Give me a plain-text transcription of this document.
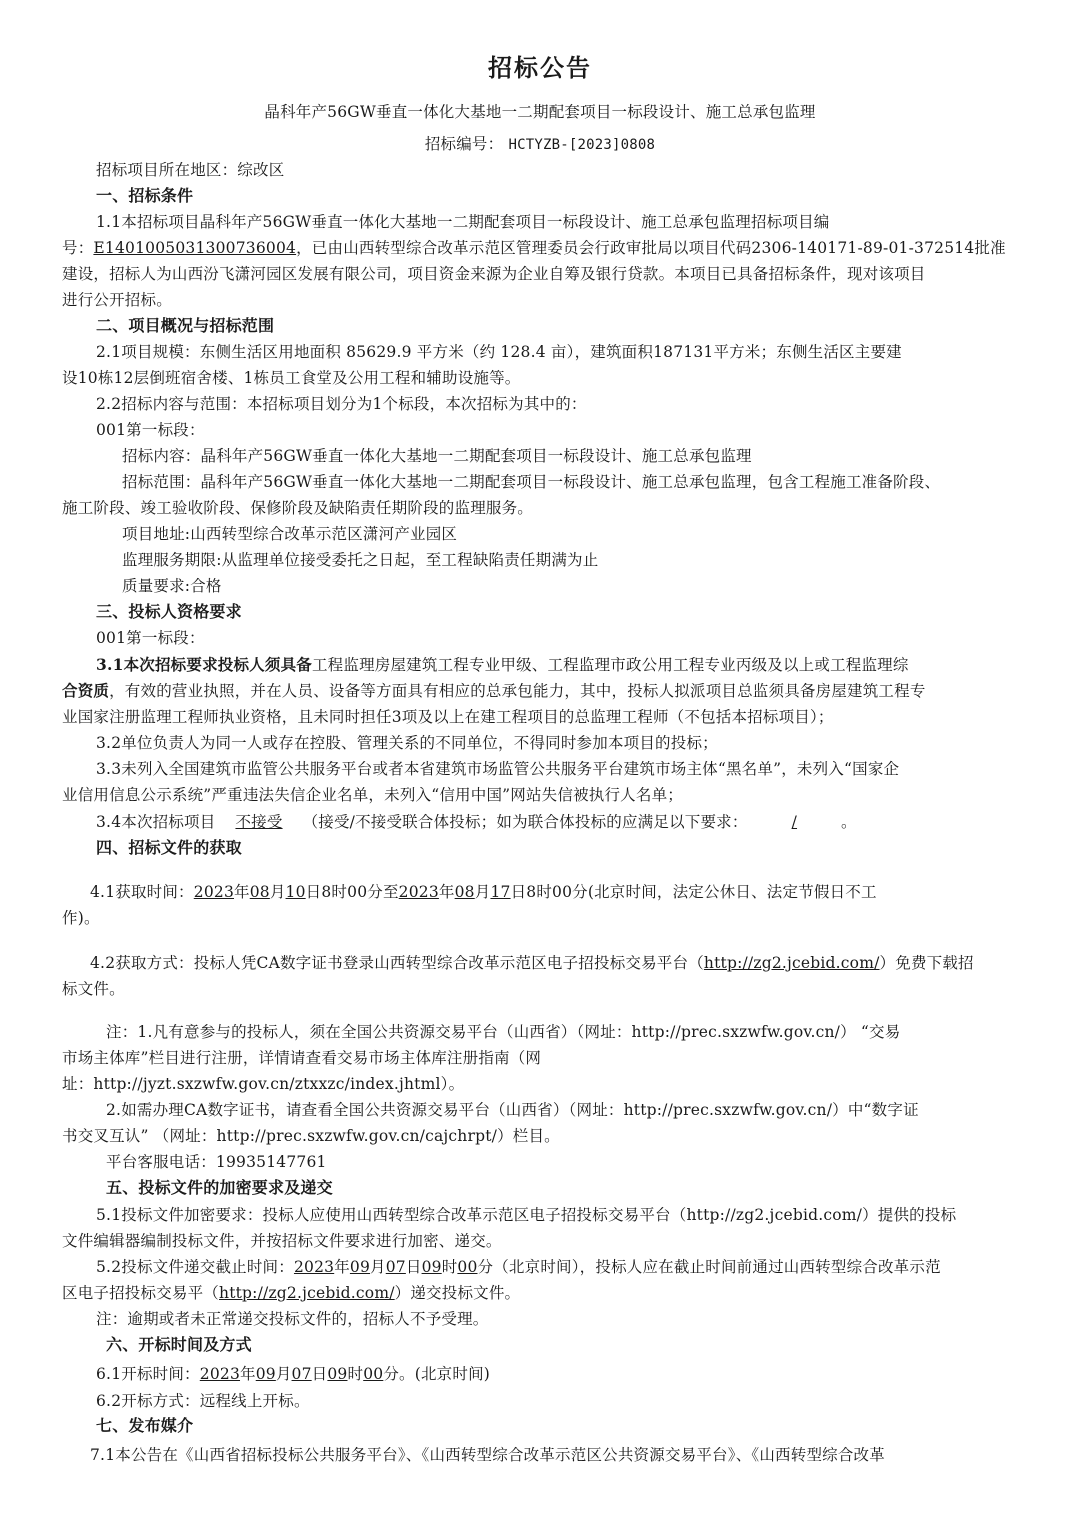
招标公告
晶科年产56GW垂直一体化大基地一二期配套项目一标段设计、施工总承包监理
招标编号： HCTYZB-[2023]0808
招标项目所在地区：综改区
一、招标条件
1.1本招标项目晶科年产56GW垂直一体化大基地一二期配套项目一标段设计、施工总承包监理招标项目编
号：E1401005031300736004，已由山西转型综合改革示范区管理委员会行政审批局以项目代码2306-140171-89-01-372514批准
建设，招标人为山西汾飞潇河园区发展有限公司，项目资金来源为企业自筹及银行贷款。本项目已具备招标条件，现对该项目
进行公开招标。
二、项目概况与招标范围
2.1项目规模：东侧生活区用地面积 85629.9 平方米（约 128.4 亩），建筑面积187131平方米；东侧生活区主要建
设10栋12层倒班宿舍楼、1栋员工食堂及公用工程和辅助设施等。
2.2招标内容与范围：本招标项目划分为1个标段，本次招标为其中的：
001第一标段：
招标内容：晶科年产56GW垂直一体化大基地一二期配套项目一标段设计、施工总承包监理
招标范围：晶科年产56GW垂直一体化大基地一二期配套项目一标段设计、施工总承包监理，包含工程施工准备阶段、
施工阶段、竣工验收阶段、保修阶段及缺陷责任期阶段的监理服务。
项目地址:山西转型综合改革示范区潇河产业园区
监理服务期限:从监理单位接受委托之日起，至工程缺陷责任期满为止
质量要求:合格
三、投标人资格要求
001第一标段：
3.1本次招标要求投标人须具备工程监理房屋建筑工程专业甲级、工程监理市政公用工程专业丙级及以上或工程监理综
合资质，有效的营业执照，并在人员、设备等方面具有相应的总承包能力，其中，投标人拟派项目总监须具备房屋建筑工程专
业国家注册监理工程师执业资格，且未同时担任3项及以上在建工程项目的总监理工程师（不包括本招标项目）；
3.2单位负责人为同一人或存在控股、管理关系的不同单位，不得同时参加本项目的投标；
3.3未列入全国建筑市监管公共服务平台或者本省建筑市场监管公共服务平台建筑市场主体“黑名单”，未列入“国家企
业信用信息公示系统”严重违法失信企业名单，未列入“信用中国”网站失信被执行人名单；
3.4本次招标项目 不接受 （接受/不接受联合体投标；如为联合体投标的应满足以下要求：	/	。
四、招标文件的获取
4.1获取时间：2023年08月10日8时00分至2023年08月17日8时00分(北京时间，法定公休日、法定节假日不工
作)。
4.2获取方式：投标人凭CA数字证书登录山西转型综合改革示范区电子招投标交易平台（http://zg2.jcebid.com/）免费下载招
标文件。
注：1.凡有意参与的投标人，须在全国公共资源交易平台（山西省）（网址：http://prec.sxzwfw.gov.cn/） “交易
市场主体库”栏目进行注册，详情请查看交易市场主体库注册指南（网
址：http://jyzt.sxzwfw.gov.cn/ztxxzc/index.jhtml）。
2.如需办理CA数字证书，请查看全国公共资源交易平台（山西省）（网址：http://prec.sxzwfw.gov.cn/）中“数字证
书交叉互认” （网址：http://prec.sxzwfw.gov.cn/cajchrpt/）栏目。
平台客服电话：19935147761
五、投标文件的加密要求及递交
5.1投标文件加密要求：投标人应使用山西转型综合改革示范区电子招投标交易平台（http://zg2.jcebid.com/）提供的投标
文件编辑器编制投标文件，并按招标文件要求进行加密、递交。
5.2投标文件递交截止时间：2023年09月07日09时00分（北京时间），投标人应在截止时间前通过山西转型综合改革示范
区电子招投标交易平（http://zg2.jcebid.com/）递交投标文件。
注：逾期或者未正常递交投标文件的，招标人不予受理。
六、开标时间及方式
6.1开标时间：2023年09月07日09时00分。(北京时间)
6.2开标方式：远程线上开标。
七、发布媒介
7.1本公告在《山西省招标投标公共服务平台》、《山西转型综合改革示范区公共资源交易平台》、《山西转型综合改革
